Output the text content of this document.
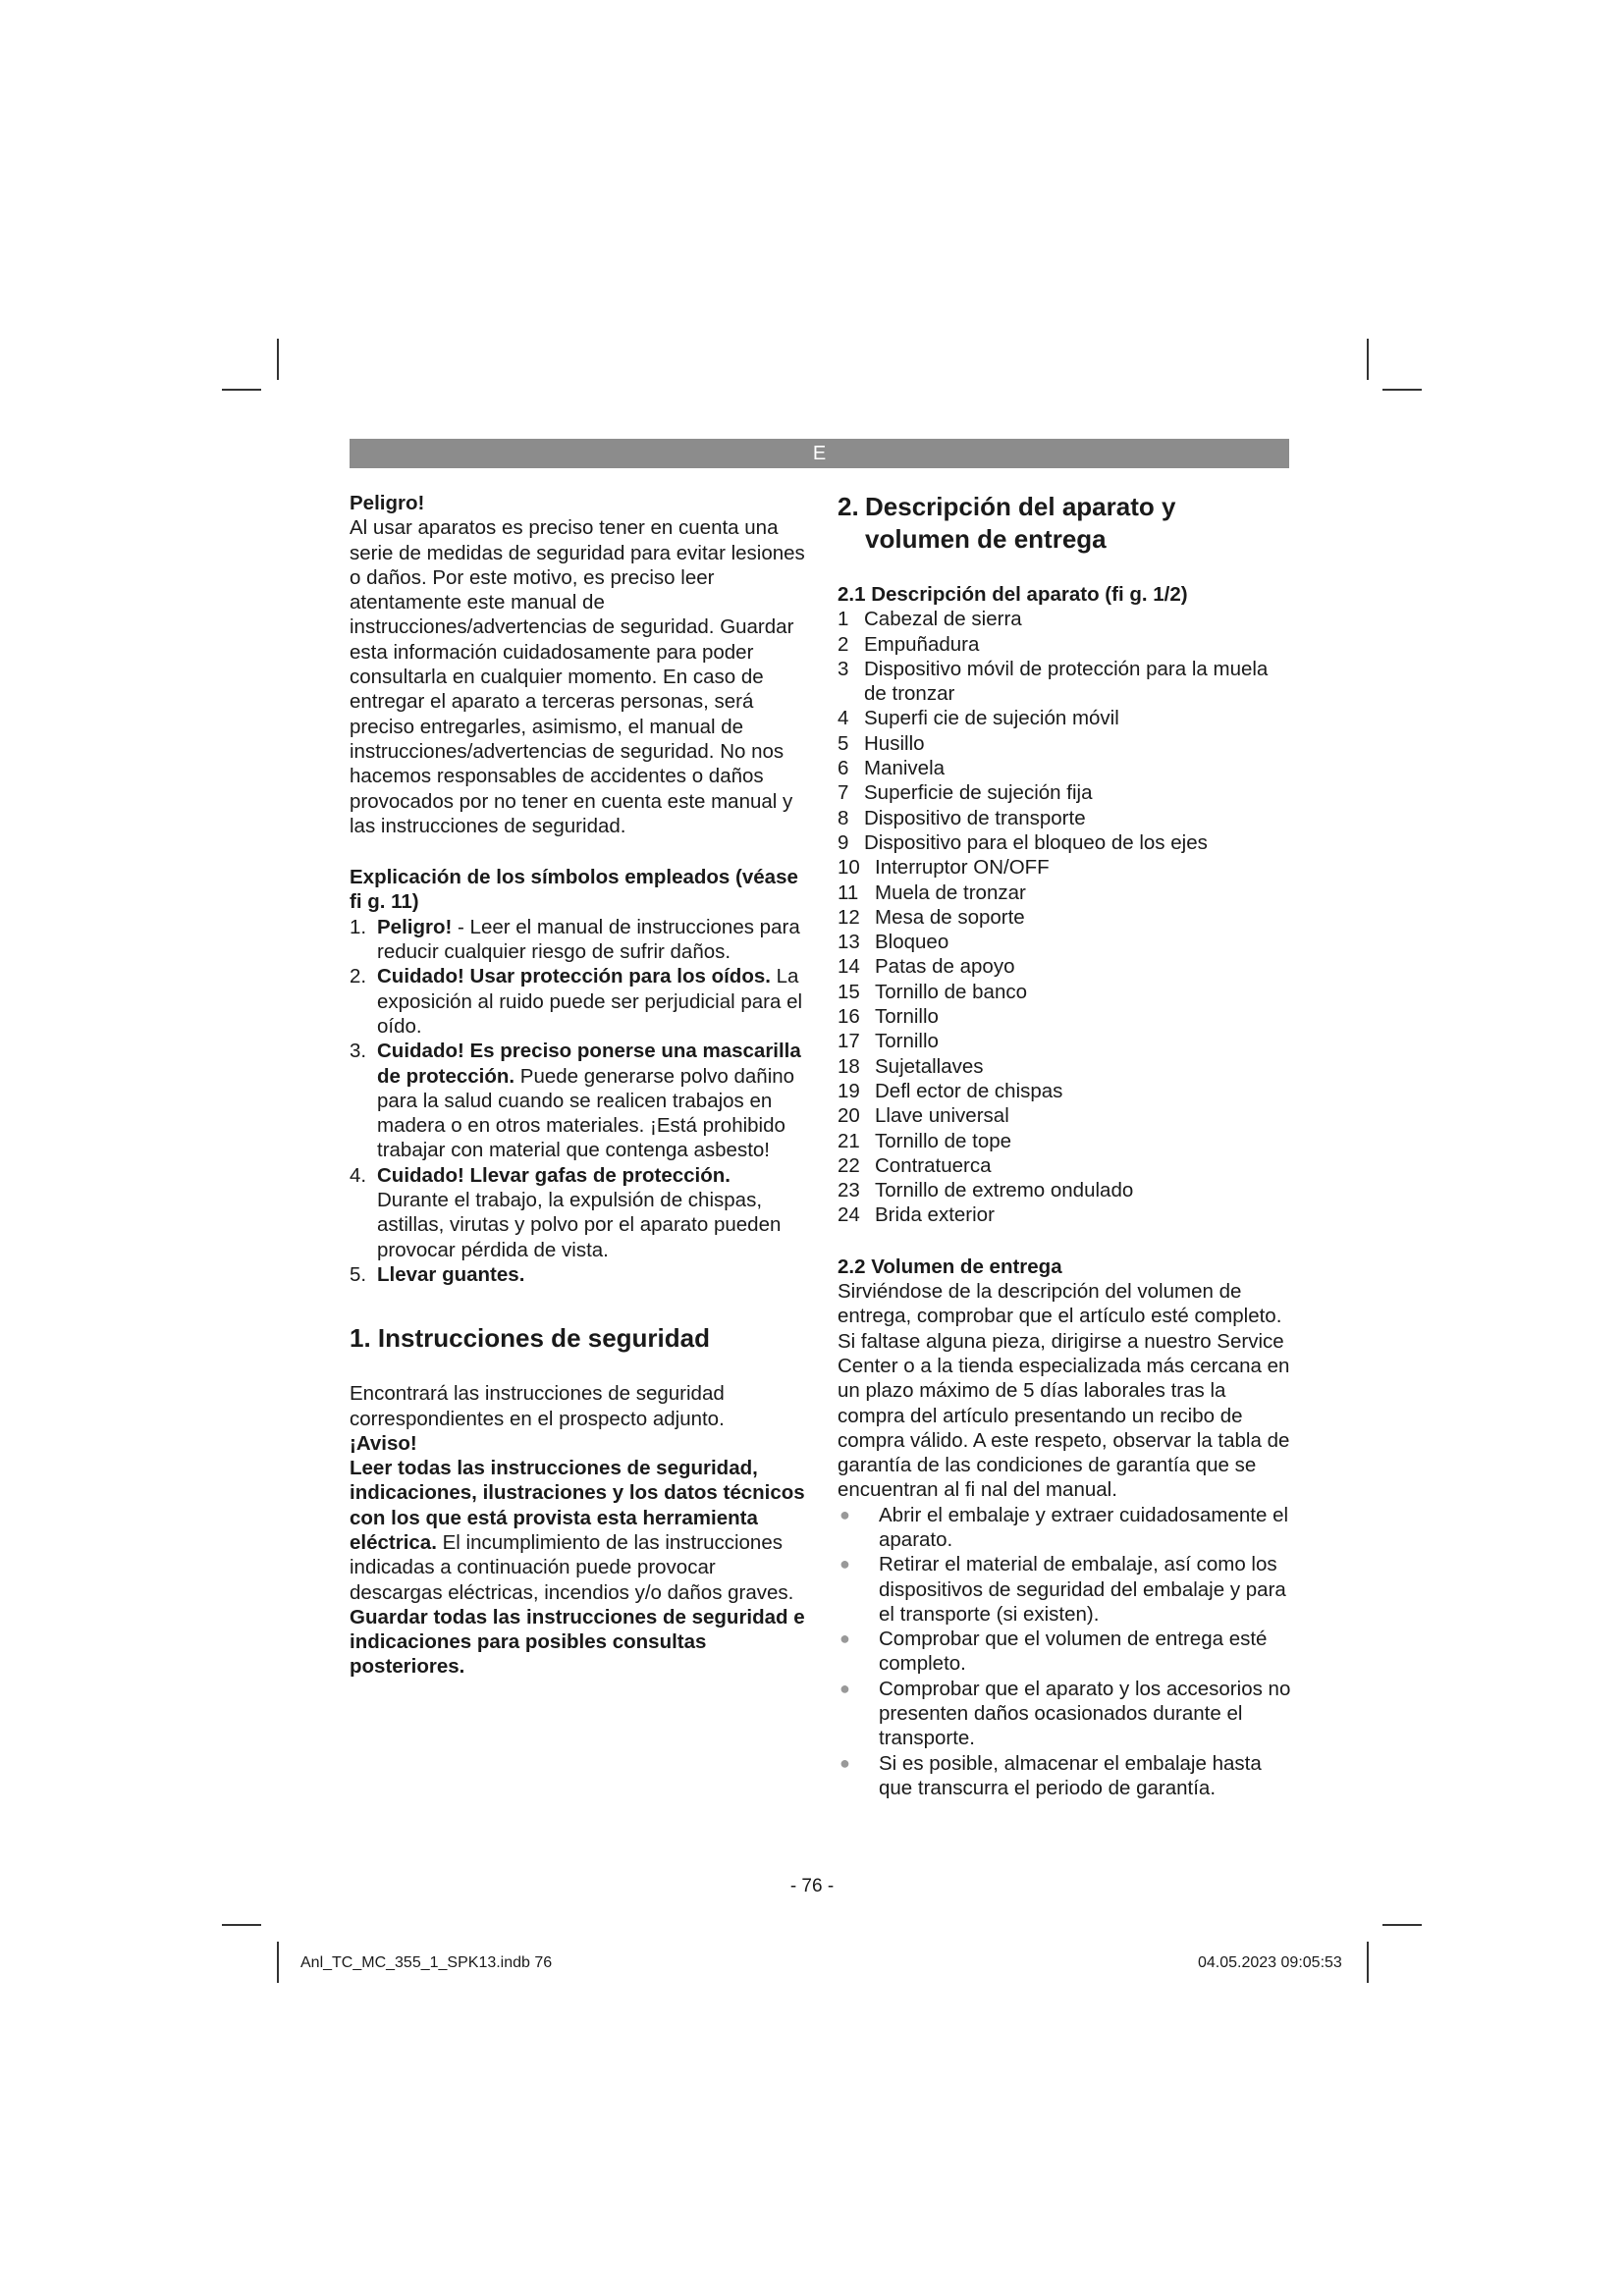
E

Peligro!

Al usar aparatos es preciso tener en cuenta una serie de medidas de seguridad para evitar lesiones o daños. Por este motivo, es preciso leer atentamente este manual de instrucciones/advertencias de seguridad. Guardar esta información cuidadosamente para poder consultarla en cualquier momento. En caso de entregar el aparato a terceras personas, será preciso entregarles, asimismo, el manual de instrucciones/advertencias de seguridad. No nos hacemos responsables de accidentes o daños provocados por no tener en cuenta este manual y las instrucciones de seguridad.

Explicación de los símbolos empleados (véase fi g. 11)

1. Peligro! - Leer el manual de instrucciones para reducir cualquier riesgo de sufrir daños.
2. Cuidado! Usar protección para los oídos. La exposición al ruido puede ser perjudicial para el oído.
3. Cuidado! Es preciso ponerse una mascarilla de protección. Puede generarse polvo dañino para la salud cuando se realicen trabajos en madera o en otros materiales. ¡Está prohibido trabajar con material que contenga asbesto!
4. Cuidado! Llevar gafas de protección. Durante el trabajo, la expulsión de chispas, astillas, virutas y polvo por el aparato pueden provocar pérdida de vista.
5. Llevar guantes.
1. Instrucciones de seguridad

Encontrará las instrucciones de seguridad correspondientes en el prospecto adjunto.

¡Aviso!

Leer todas las instrucciones de seguridad, indicaciones, ilustraciones y los datos técnicos con los que está provista esta herramienta eléctrica. El incumplimiento de las instrucciones indicadas a continuación puede provocar descargas eléctricas, incendios y/o daños graves.

Guardar todas las instrucciones de seguridad e indicaciones para posibles consultas posteriores.

2. Descripción del aparato y
volumen de entrega

2.1 Descripción del aparato (fi g. 1/2)

1 Cabezal de sierra
2 Empuñadura
3 Dispositivo móvil de protección para la muela de tronzar
4 Superfi cie de sujeción móvil
5 Husillo
6 Manivela
7 Superficie de sujeción fija
8 Dispositivo de transporte
9 Dispositivo para el bloqueo de los ejes
10 Interruptor ON/OFF
11 Muela de tronzar
12 Mesa de soporte
13 Bloqueo
14 Patas de apoyo
15 Tornillo de banco
16 Tornillo
17 Tornillo
18 Sujetallaves
19 Defl ector de chispas
20 Llave universal
21 Tornillo de tope
22 Contratuerca
23 Tornillo de extremo ondulado
24 Brida exterior

2.2 Volumen de entrega

Sirviéndose de la descripción del volumen de entrega, comprobar que el artículo esté completo. Si faltase alguna pieza, dirigirse a nuestro Service Center o a la tienda especializada más cercana en un plazo máximo de 5 días laborales tras la compra del artículo presentando un recibo de compra válido. A este respeto, observar la tabla de garantía de las condiciones de garantía que se encuentran al fi nal del manual.

●	Abrir el embalaje y extraer cuidadosamente el aparato.
●	Retirar el material de embalaje, así como los dispositivos de seguridad del embalaje y para el transporte (si existen).
●	Comprobar que el volumen de entrega esté completo.
●	Comprobar que el aparato y los accesorios no presenten daños ocasionados durante el transporte.
●	Si es posible, almacenar el embalaje hasta que transcurra el periodo de garantía.
- 76 -
Anl_TC_MC_355_1_SPK13.indb 76	04.05.2023 09:05:53
